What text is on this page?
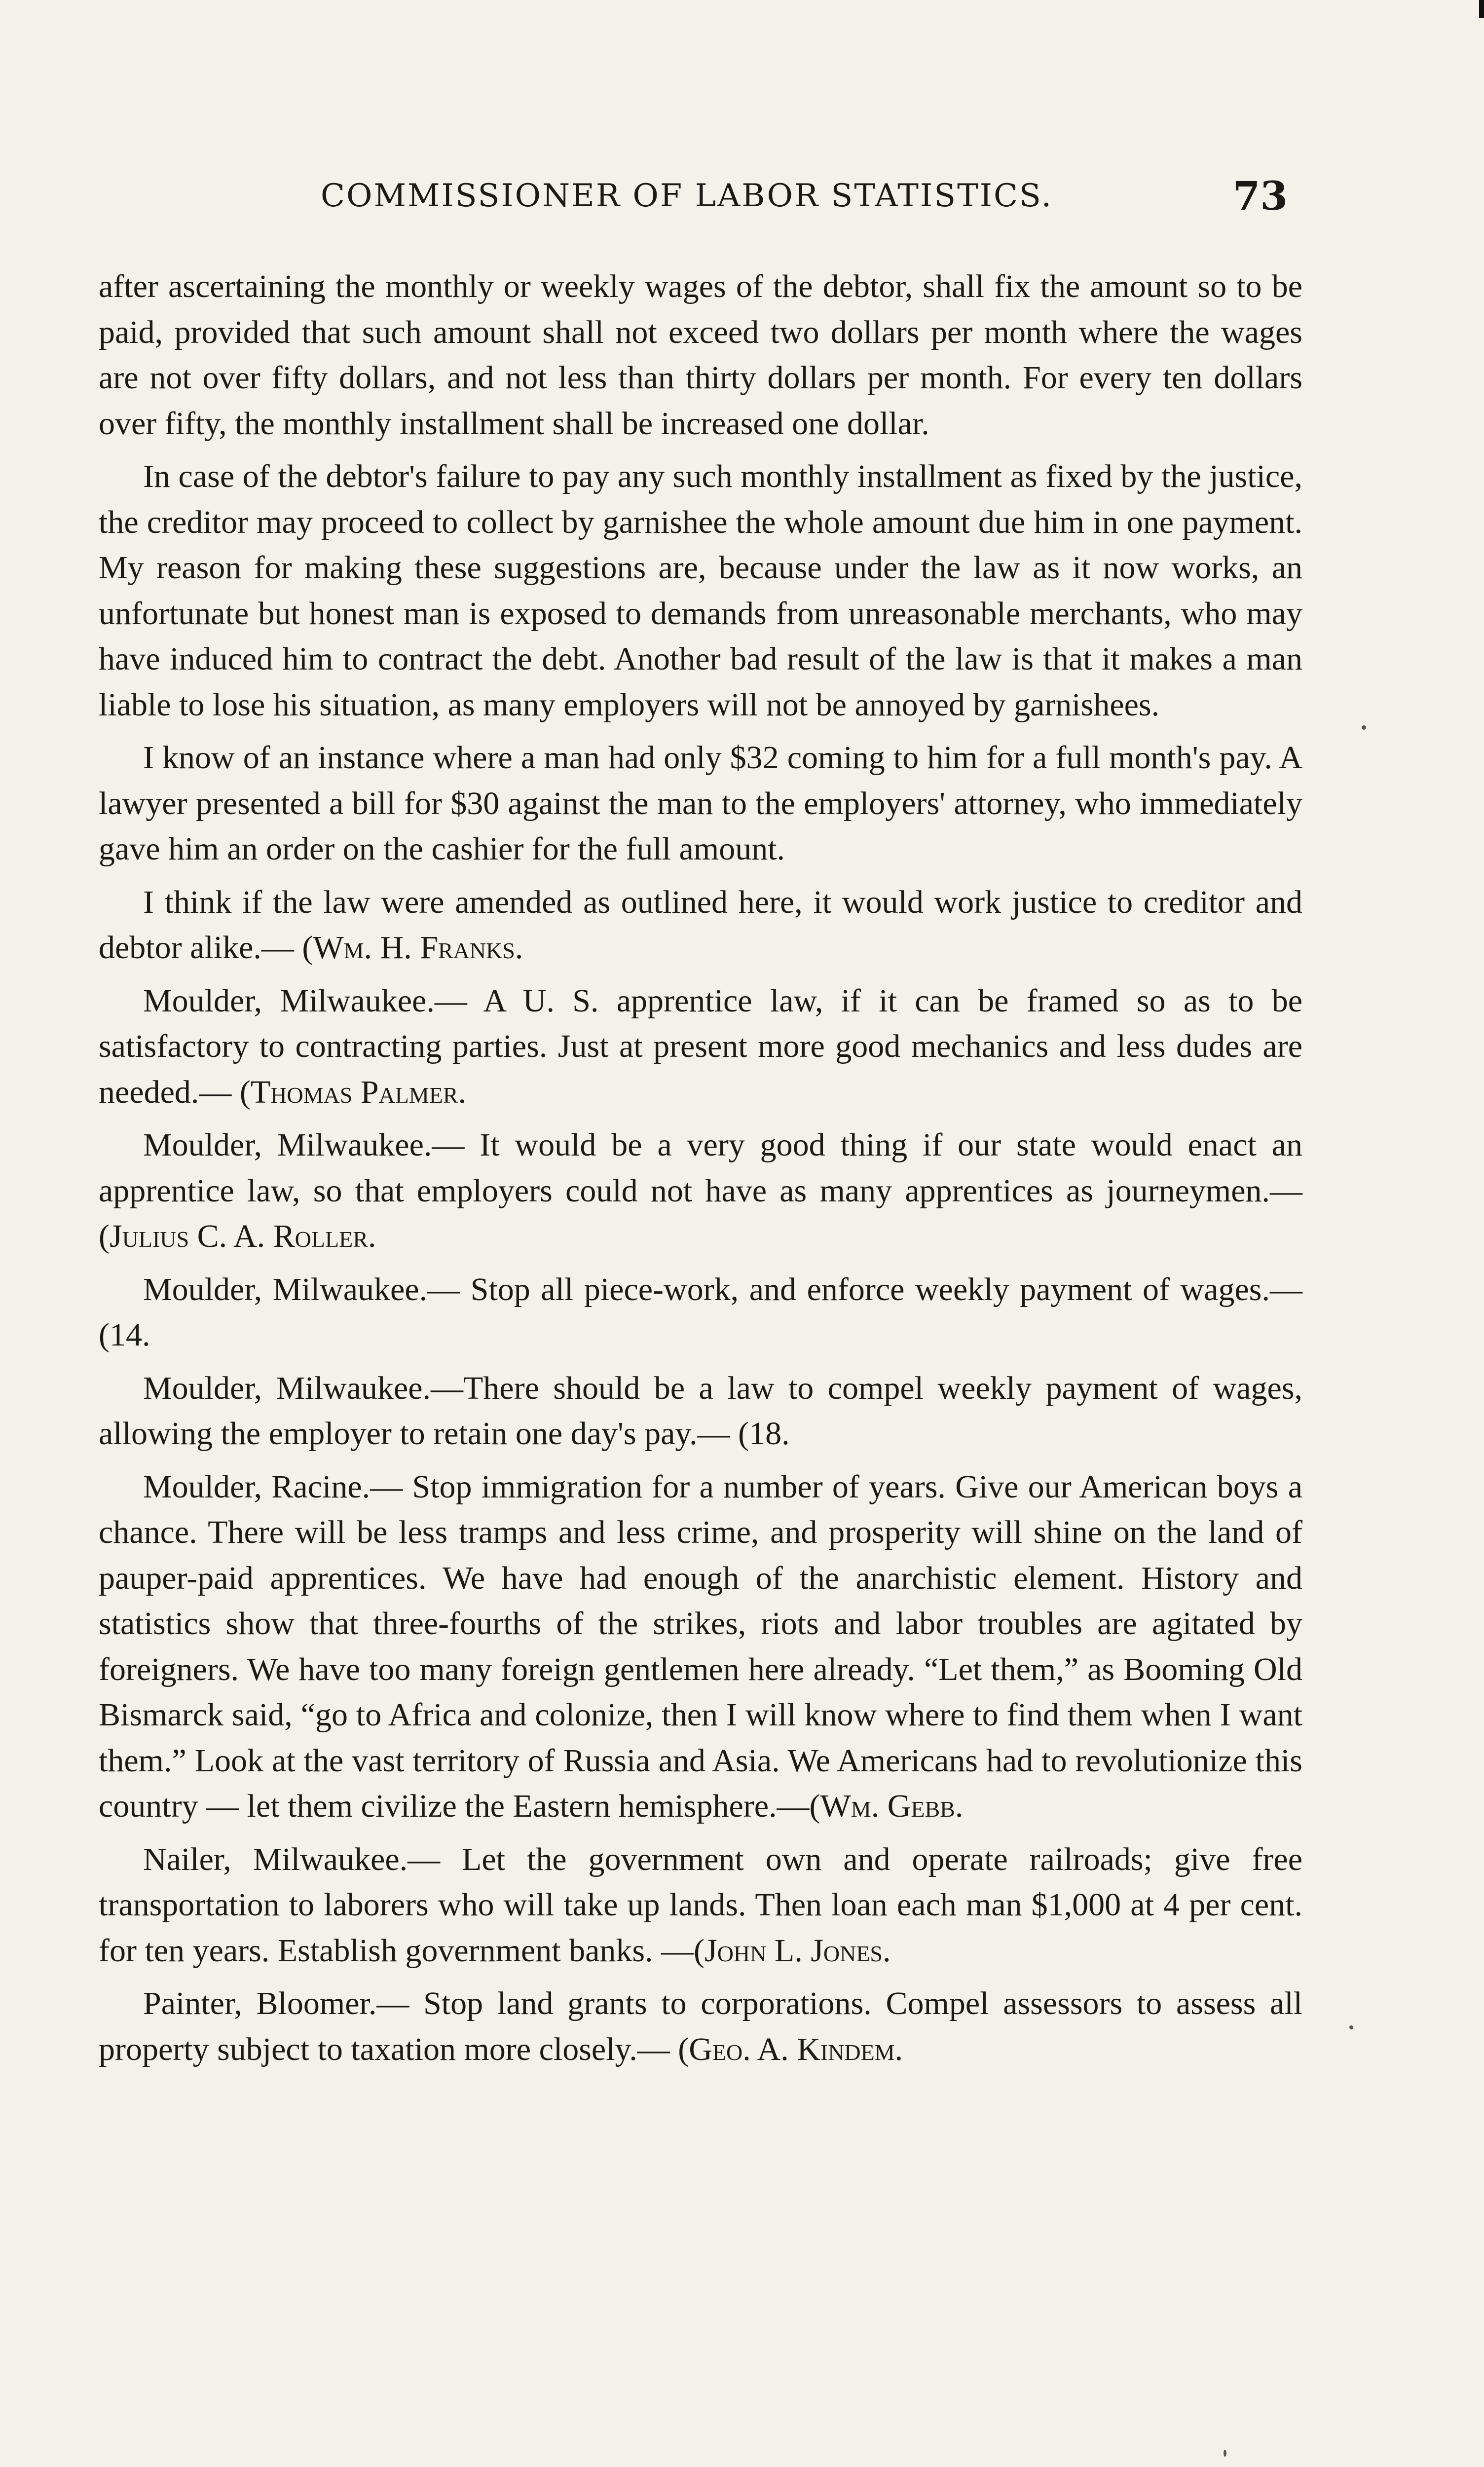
COMMISSIONER OF LABOR STATISTICS.	73

after ascertaining the monthly or weekly wages of the debtor, shall fix the amount so to be paid, provided that such amount shall not exceed two dollars per month where the wages are not over fifty dollars, and not less than thirty dollars per month. For every ten dollars over fifty, the monthly installment shall be increased one dollar.

In case of the debtor's failure to pay any such monthly installment as fixed by the justice, the creditor may proceed to collect by garnishee the whole amount due him in one payment. My reason for making these suggestions are, because under the law as it now works, an unfortunate but honest man is exposed to demands from unreasonable merchants, who may have induced him to contract the debt. Another bad result of the law is that it makes a man liable to lose his situation, as many employers will not be annoyed by garnishees.

I know of an instance where a man had only $32 coming to him for a full month's pay. A lawyer presented a bill for $30 against the man to the employers' attorney, who immediately gave him an order on the cashier for the full amount.

I think if the law were amended as outlined here, it would work justice to creditor and debtor alike.— (Wm. H. Franks.

Moulder, Milwaukee.— A U. S. apprentice law, if it can be framed so as to be satisfactory to contracting parties. Just at present more good mechanics and less dudes are needed.— (Thomas Palmer.

Moulder, Milwaukee.— It would be a very good thing if our state would enact an apprentice law, so that employers could not have as many apprentices as journeymen.—(Julius C. A. Roller.

Moulder, Milwaukee.— Stop all piece-work, and enforce weekly payment of wages.—(14.

Moulder, Milwaukee.—There should be a law to compel weekly payment of wages, allowing the employer to retain one day's pay.— (18.

Moulder, Racine.— Stop immigration for a number of years. Give our American boys a chance. There will be less tramps and less crime, and prosperity will shine on the land of pauper-paid apprentices. We have had enough of the anarchistic element. History and statistics show that three-fourths of the strikes, riots and labor troubles are agitated by foreigners. We have too many foreign gentlemen here already. “Let them,” as Booming Old Bismarck said, “go to Africa and colonize, then I will know where to find them when I want them.” Look at the vast territory of Russia and Asia. We Americans had to revolutionize this country — let them civilize the Eastern hemisphere.—(Wm. Gebb.

Nailer, Milwaukee.— Let the government own and operate railroads; give free transportation to laborers who will take up lands. Then loan each man $1,000 at 4 per cent. for ten years. Establish government banks. —(John L. Jones.

Painter, Bloomer.— Stop land grants to corporations. Compel assessors to assess all property subject to taxation more closely.— (Geo. A. Kindem.
